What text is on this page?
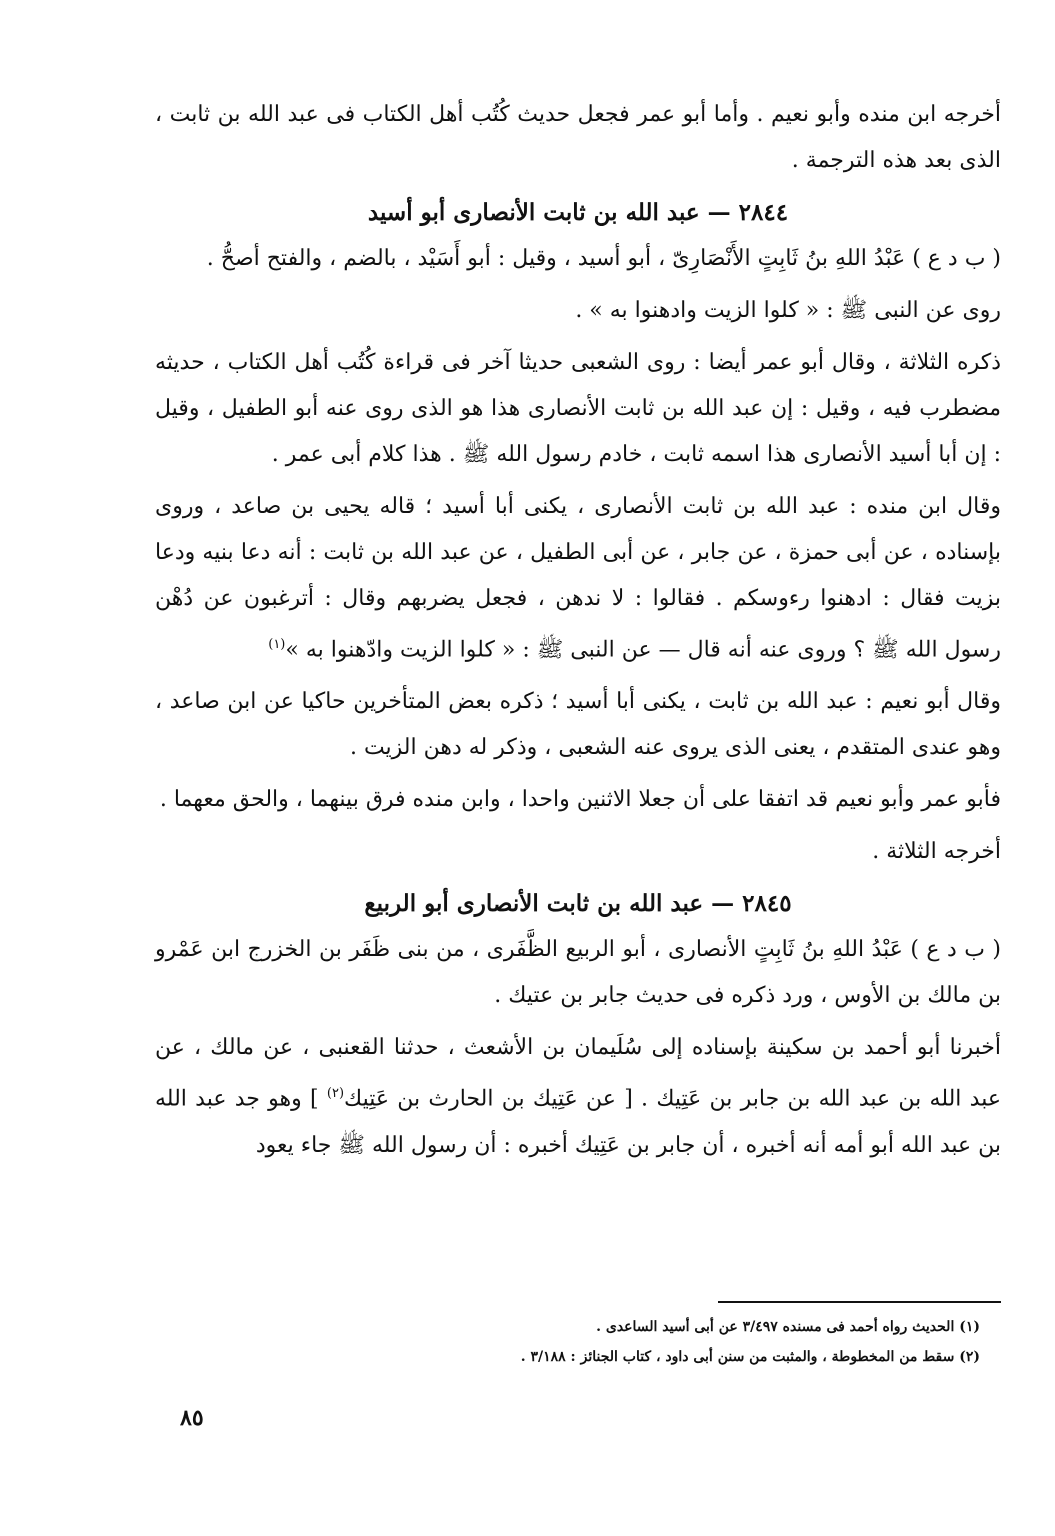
أخرجه ابن منده وأبو نعيم . وأما أبو عمر فجعل حديث كُتُب أهل الكتاب فى عبد الله بن ثابت ، الذى بعد هذه الترجمة .

٢٨٤٤— عبد الله بن ثابت الأنصارى أبو أسيد

( ب د ع ) عَبْدُ اللهِ بنُ ثَابِتٍ الأَنْصَارِىّ ، أبو أسيد ، وقيل : أبو أَسَيْد ، بالضم ، والفتح أصحُّ .

روى عن النبى ﷺ : « كلوا الزيت وادهنوا به » .

ذكره الثلاثة ، وقال أبو عمر أيضا : روى الشعبى حديثا آخر فى قراءة كُتُب أهل الكتاب ، حديثه مضطرب فيه ، وقيل : إن عبد الله بن ثابت الأنصارى هذا هو الذى روى عنه أبو الطفيل ، وقيل : إن أبا أسيد الأنصارى هذا اسمه ثابت ، خادم رسول الله ﷺ . هذا كلام أبى عمر .

وقال ابن منده : عبد الله بن ثابت الأنصارى ، يكنى أبا أسيد ؛ قاله يحيى بن صاعد ، وروى بإسناده ، عن أبى حمزة ، عن جابر ، عن أبى الطفيل ، عن عبد الله بن ثابت : أنه دعا بنيه ودعا بزيت فقال : ادهنوا رءوسكم . فقالوا : لا ندهن ، فجعل يضربهم وقال : أترغبون عن دُهْن رسول الله ﷺ ؟ وروى عنه أنه قال — عن النبى ﷺ : « كلوا الزيت وادّهنوا به »$^{(١)}$

وقال أبو نعيم : عبد الله بن ثابت ، يكنى أبا أسيد ؛ ذكره بعض المتأخرين حاكيا عن ابن صاعد ، وهو عندى المتقدم ، يعنى الذى يروى عنه الشعبى ، وذكر له دهن الزيت .

فأبو عمر وأبو نعيم قد اتفقا على أن جعلا الاثنين واحدا ، وابن منده فرق بينهما ، والحق معهما .

أخرجه الثلاثة .

٢٨٤٥— عبد الله بن ثابت الأنصارى أبو الربيع

( ب د ع ) عَبْدُ اللهِ بنُ ثَابِتٍ الأنصارى ، أبو الربيع الظَّفَرى ، من بنى ظَفَر بن الخزرج ابن عَمْرو بن مالك بن الأوس ، ورد ذكره فى حديث جابر بن عتيك .

أخبرنا أبو أحمد بن سكينة بإسناده إلى سُلَيمان بن الأشعث ، حدثنا القعنبى ، عن مالك ، عن عبد الله بن عبد الله بن جابر بن عَتِيك . [ عن عَتِيك بن الحارث بن عَتِيك$^{(٢)}$ ] وهو جد عبد الله بن عبد الله أبو أمه أنه أخبره ، أن جابر بن عَتِيك أخبره : أن رسول الله ﷺ جاء يعود

(١) الحديث رواه أحمد فى مسنده ٣/٤٩٧ عن أبى أسيد الساعدى .

(٢) سقط من المخطوطة ، والمثبت من سنن أبى داود ، كتاب الجنائز : ٣/١٨٨ .

٨٥
